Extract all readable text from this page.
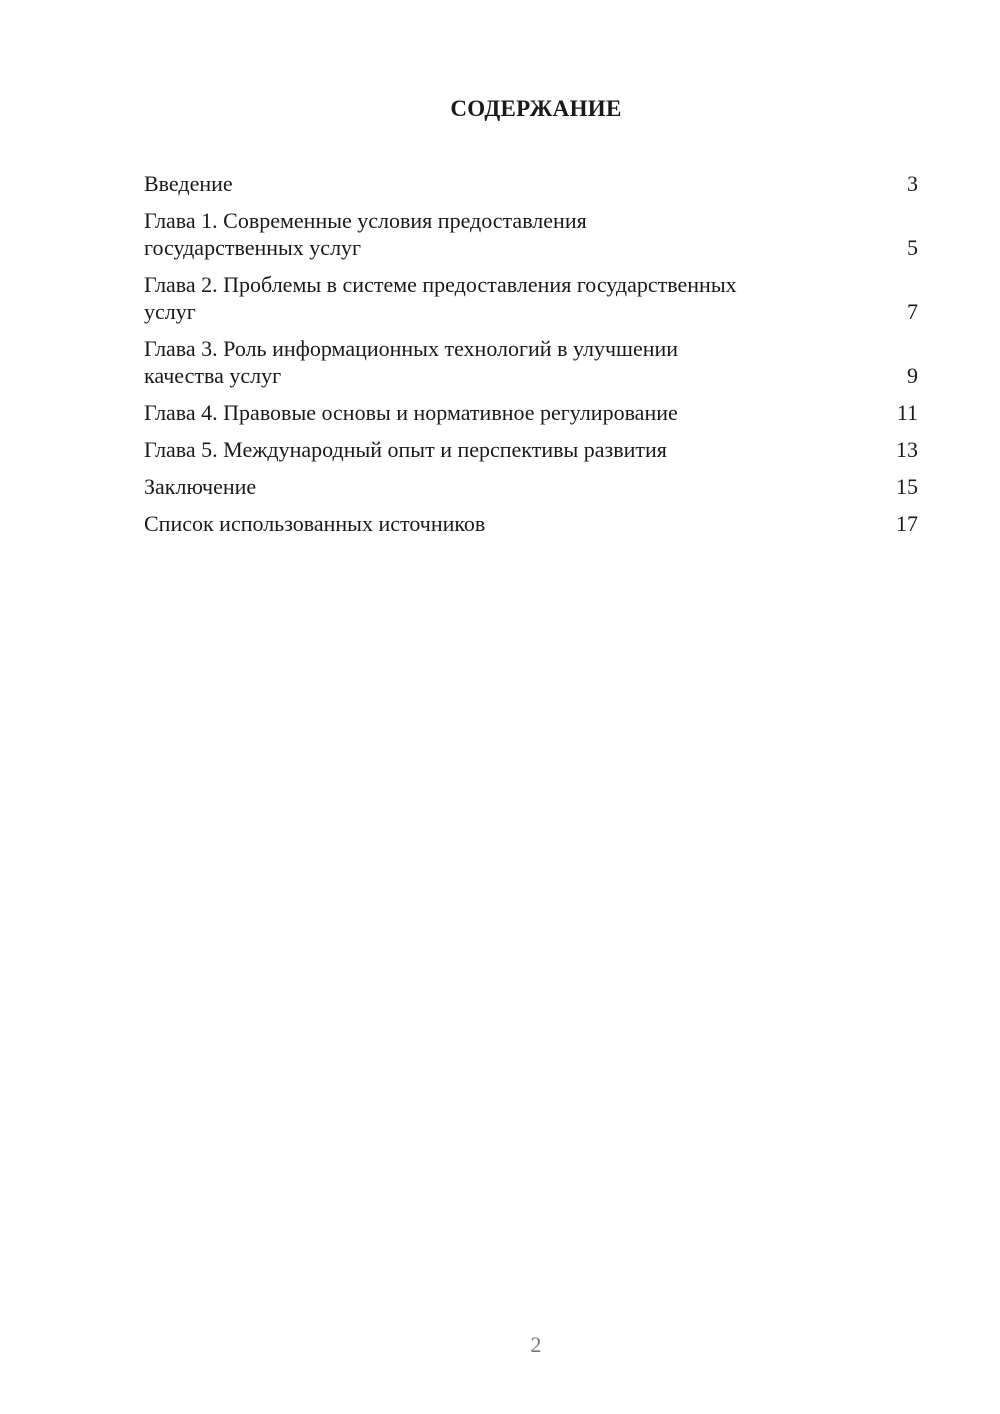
СОДЕРЖАНИЕ
Введение	3
Глава 1. Современные условия предоставления
государственных услуг	5
Глава 2. Проблемы в системе предоставления государственных
услуг	7
Глава 3. Роль информационных технологий в улучшении
качества услуг	9
Глава 4. Правовые основы и нормативное регулирование	11
Глава 5. Международный опыт и перспективы развития	13
Заключение	15
Список использованных источников	17
2
